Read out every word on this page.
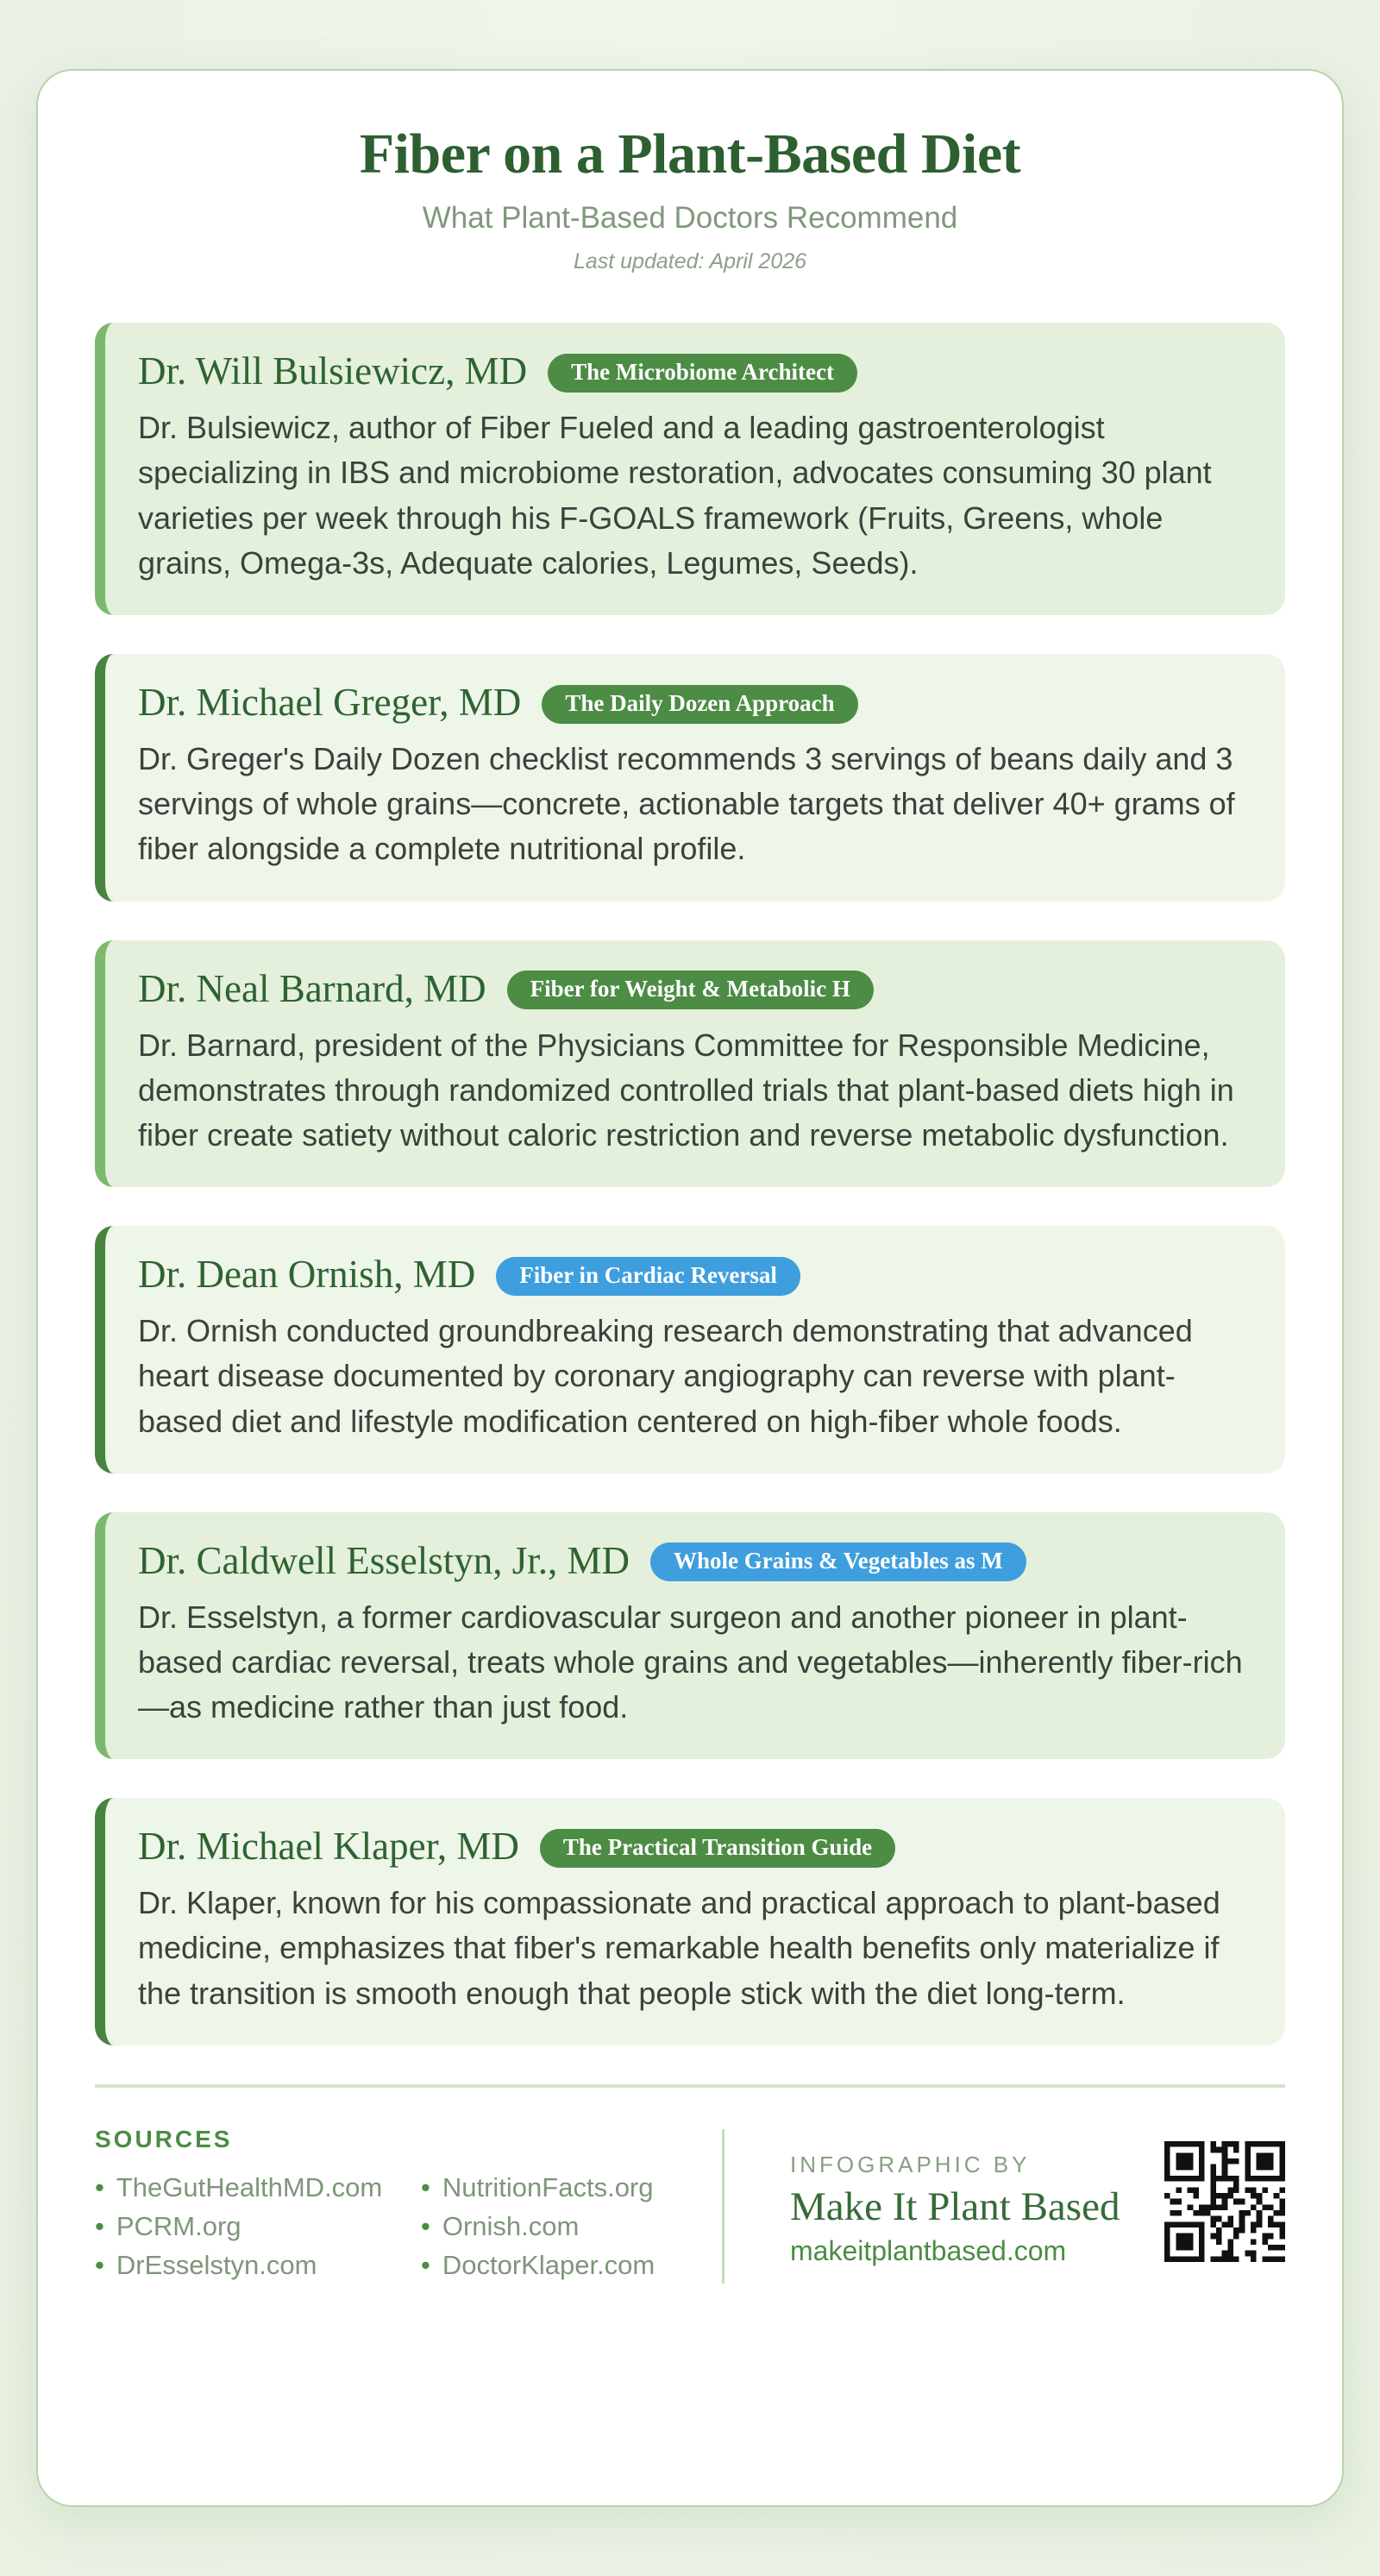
Fiber on a Plant-Based Diet
What Plant-Based Doctors Recommend
Last updated: April 2026
Dr. Will Bulsiewicz, MD	The Microbiome Architect

Dr. Bulsiewicz, author of Fiber Fueled and a leading gastroenterologist specializing in IBS and microbiome restoration, advocates consuming 30 plant varieties per week through his F-GOALS framework (Fruits, Greens, whole grains, Omega-3s, Adequate calories, Legumes, Seeds).

Dr. Michael Greger, MD	The Daily Dozen Approach

Dr. Greger's Daily Dozen checklist recommends 3 servings of beans daily and 3 servings of whole grains—concrete, actionable targets that deliver 40+ grams of fiber alongside a complete nutritional profile.

Dr. Neal Barnard, MD	Fiber for Weight & Metabolic H

Dr. Barnard, president of the Physicians Committee for Responsible Medicine, demonstrates through randomized controlled trials that plant-based diets high in fiber create satiety without caloric restriction and reverse metabolic dysfunction.

Dr. Dean Ornish, MD	Fiber in Cardiac Reversal

Dr. Ornish conducted groundbreaking research demonstrating that advanced heart disease documented by coronary angiography can reverse with plant-based diet and lifestyle modification centered on high-fiber whole foods.

Dr. Caldwell Esselstyn, Jr., MD	Whole Grains & Vegetables as M

Dr. Esselstyn, a former cardiovascular surgeon and another pioneer in plant-based cardiac reversal, treats whole grains and vegetables—inherently fiber-rich—as medicine rather than just food.

Dr. Michael Klaper, MD	The Practical Transition Guide

Dr. Klaper, known for his compassionate and practical approach to plant-based medicine, emphasizes that fiber's remarkable health benefits only materialize if the transition is smooth enough that people stick with the diet long-term.

SOURCES
• TheGutHealthMD.com
• PCRM.org
• DrEsselstyn.com
• NutritionFacts.org
• Ornish.com
• DoctorKlaper.com
INFOGRAPHIC BY
Make It Plant Based
makeitplantbased.com
